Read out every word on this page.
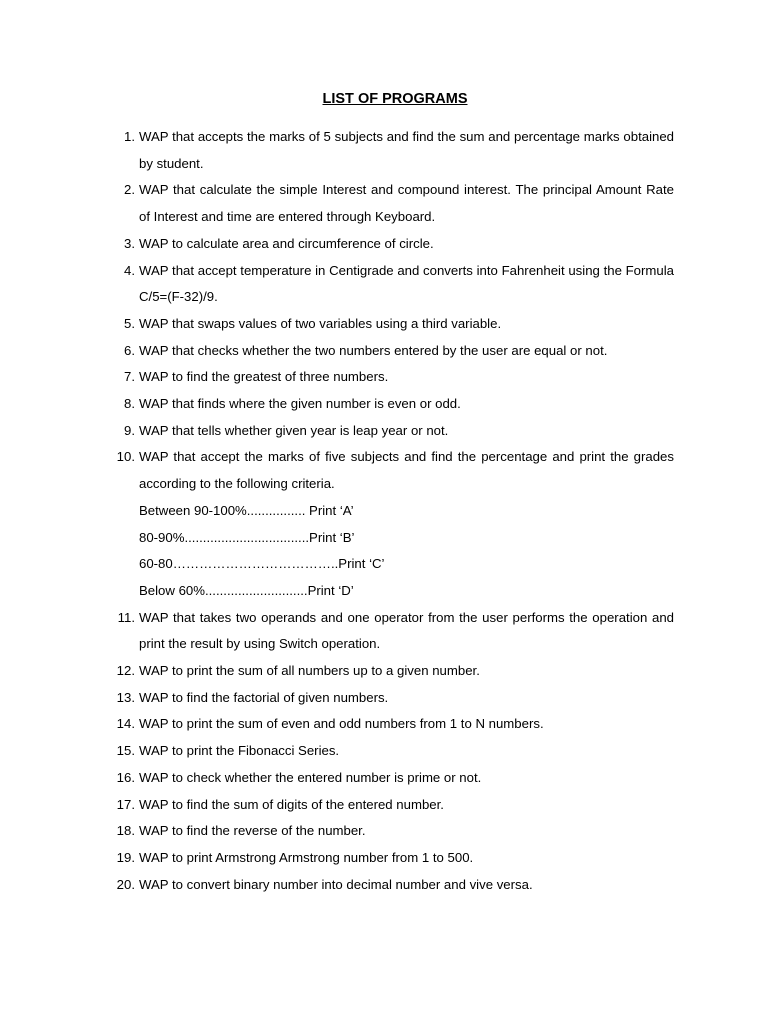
LIST OF PROGRAMS
1. WAP that accepts the marks of 5 subjects and find the sum and percentage marks obtained by student.
2. WAP that calculate the simple Interest and compound interest. The principal Amount Rate of Interest and time are entered through Keyboard.
3. WAP to calculate area and circumference of circle.
4. WAP that accept temperature in Centigrade and converts into Fahrenheit using the Formula C/5=(F-32)/9.
5. WAP that swaps values of two variables using a third variable.
6. WAP that checks whether the two numbers entered by the user are equal or not.
7. WAP to find the greatest of three numbers.
8. WAP that finds where the given number is even or odd.
9. WAP that tells whether given year is leap year or not.
10. WAP that accept the marks of five subjects and find the percentage and print the grades according to the following criteria.
Between 90-100%................ Print ‘A’
80-90%..................................Print ‘B’
60-80………………………………..Print ‘C’
Below 60%............................Print ‘D’
11. WAP that takes two operands and one operator from the user performs the operation and print the result by using Switch operation.
12. WAP to print the sum of all numbers up to a given number.
13. WAP to find the factorial of given numbers.
14. WAP to print the sum of even and odd numbers from 1 to N numbers.
15. WAP to print the Fibonacci Series.
16. WAP to check whether the entered number is prime or not.
17. WAP to find the sum of digits of the entered number.
18. WAP to find the reverse of the number.
19. WAP to print Armstrong Armstrong number from 1 to 500.
20. WAP to convert binary number into decimal number and vive versa.
